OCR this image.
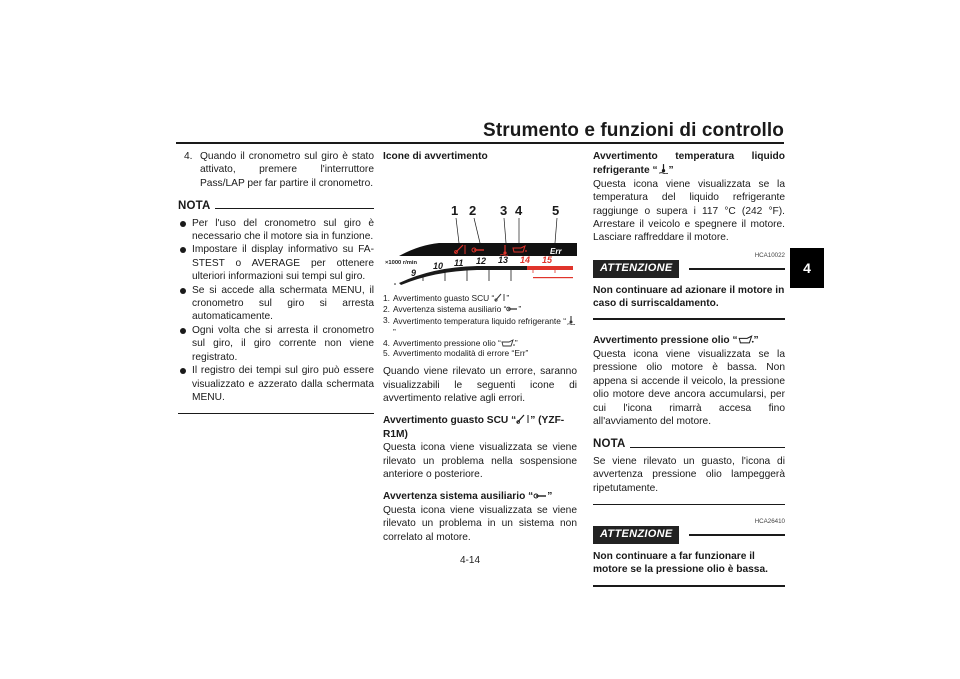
Strumento e funzioni di controllo
4
4. Quando il cronometro sul giro è stato attivato, premere l'interruttore Pass/LAP per far partire il cronometro.
NOTA
Per l'uso del cronometro sul giro è necessario che il motore sia in funzione.
Impostare il display informativo su FA-STEST o AVERAGE per ottenere ulteriori informazioni sui tempi sul giro.
Se si accede alla schermata MENU, il cronometro sul giro si arresta automaticamente.
Ogni volta che si arresta il cronometro sul giro, il giro corrente non viene registrato.
Il registro dei tempi sul giro può essere visualizzato e azzerato dalla schermata MENU.
Icone di avvertimento
1 2 3 4 5
Err
×1000 r/min
9
10 11 12 13 14 15
1. Avvertimento guasto SCU “ ”
2. Avvertenza sistema ausiliario “ ”
3. Avvertimento temperatura liquido refrigerante “”
4. Avvertimento pressione olio “ ”
5. Avvertimento modalità di errore “Err”
Quando viene rilevato un errore, saranno visualizzabili le seguenti icone di avvertimento relative agli errori.
Avvertimento guasto SCU “ ” (YZF-R1M)
Questa icona viene visualizzata se viene rilevato un problema nella sospensione anteriore o posteriore.
Avvertenza sistema ausiliario “ ”
Questa icona viene visualizzata se viene rilevato un problema in un sistema non correlato al motore.
Avvertimento temperatura liquido refrigerante “ ”
Questa icona viene visualizzata se la temperatura del liquido refrigerante raggiunge o supera i 117 °C (242 °F). Arrestare il veicolo e spegnere il motore. Lasciare raffreddare il motore.
HCA10022
ATTENZIONE
Non continuare ad azionare il motore in caso di surriscaldamento.
Avvertimento pressione olio “ ”
Questa icona viene visualizzata se la pressione olio motore è bassa. Non appena si accende il veicolo, la pressione olio motore deve ancora accumularsi, per cui l'icona rimarrà accesa fino all'avviamento del motore.
NOTA
Se viene rilevato un guasto, l'icona di avvertenza pressione olio lampeggerà ripetutamente.
HCA26410
ATTENZIONE
Non continuare a far funzionare il motore se la pressione olio è bassa.
4-14
